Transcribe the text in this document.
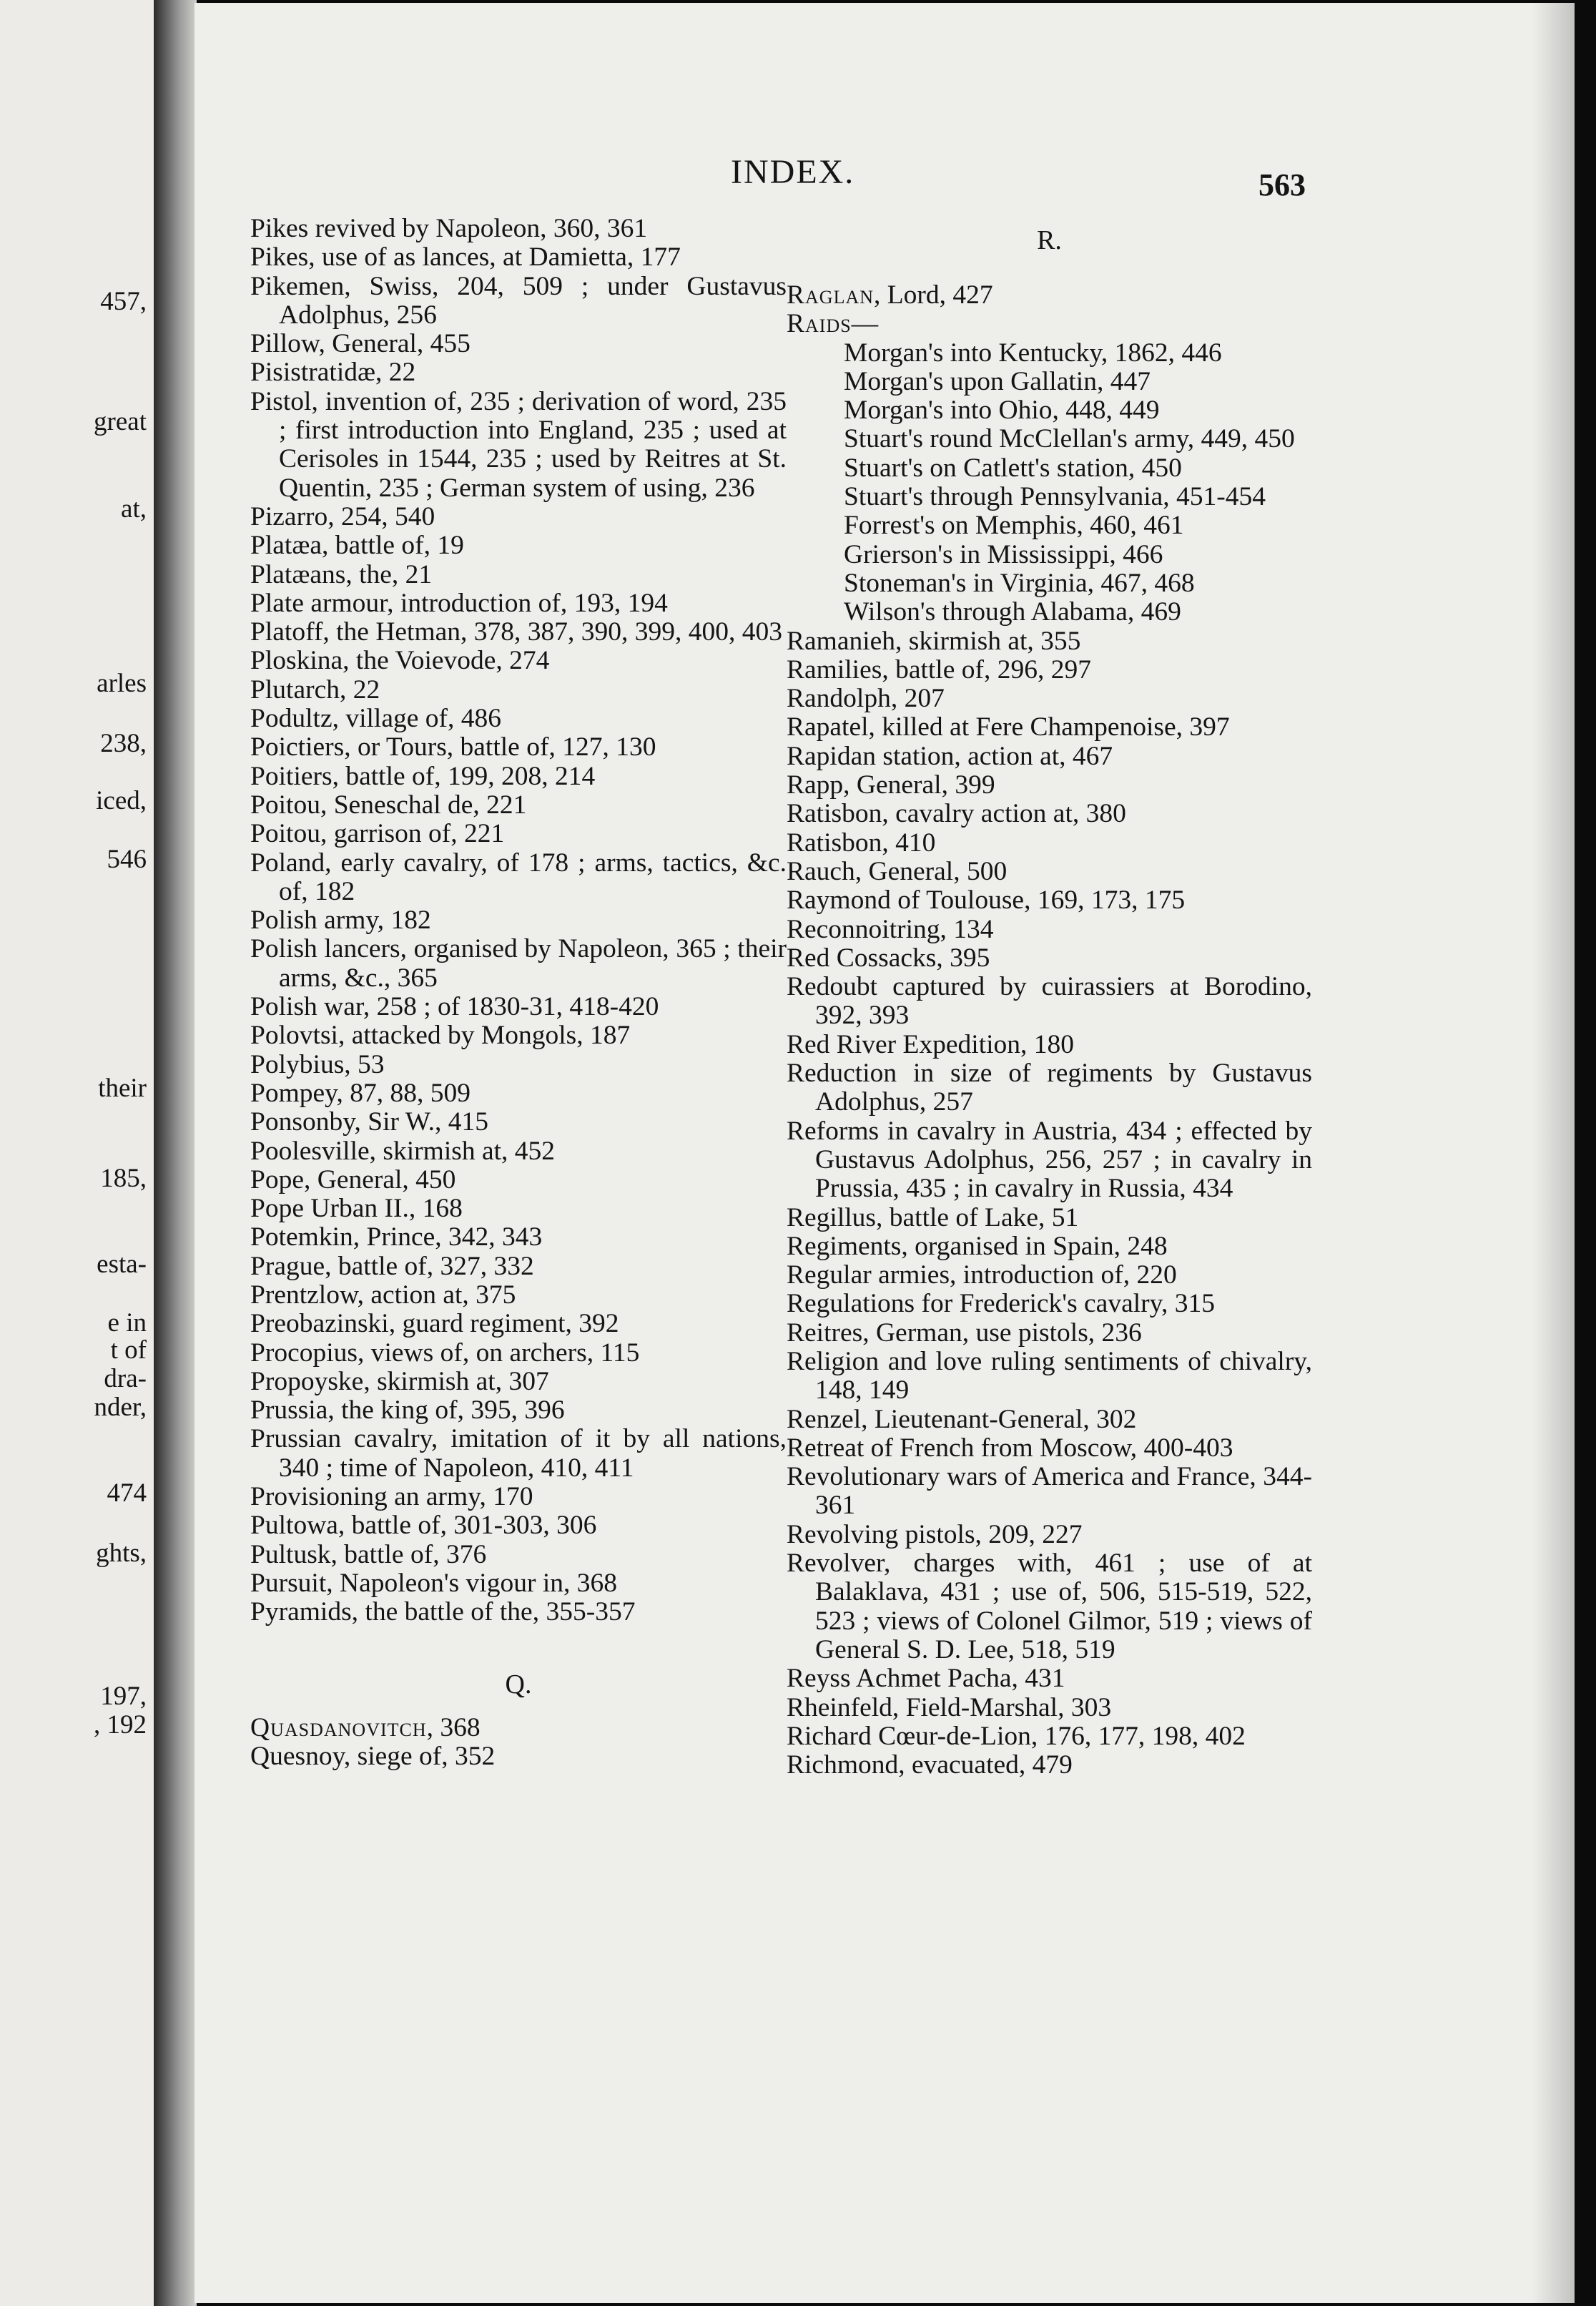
457,
great
at,
arles
238,
iced,
546
their
185,
esta-
e in
t of
dra-
nder,
474
ghts,
197,
, 192
INDEX.	563
Pikes revived by Napoleon, 360, 361
Pikes, use of as lances, at Damietta, 177
Pikemen, Swiss, 204, 509 ; under Gustavus Adolphus, 256
Pillow, General, 455
Pisistratidæ, 22
Pistol, invention of, 235 ; derivation of word, 235 ; first introduction into England, 235 ; used at Cerisoles in 1544, 235 ; used by Reitres at St. Quentin, 235 ; German system of using, 236
Pizarro, 254, 540
Platæa, battle of, 19
Platæans, the, 21
Plate armour, introduction of, 193, 194
Platoff, the Hetman, 378, 387, 390, 399, 400, 403
Ploskina, the Voievode, 274
Plutarch, 22
Podultz, village of, 486
Poictiers, or Tours, battle of, 127, 130
Poitiers, battle of, 199, 208, 214
Poitou, Seneschal de, 221
Poitou, garrison of, 221
Poland, early cavalry, of 178 ; arms, tactics, &c. of, 182
Polish army, 182
Polish lancers, organised by Napoleon, 365 ; their arms, &c., 365
Polish war, 258 ; of 1830-31, 418-420
Polovtsi, attacked by Mongols, 187
Polybius, 53
Pompey, 87, 88, 509
Ponsonby, Sir W., 415
Poolesville, skirmish at, 452
Pope, General, 450
Pope Urban II., 168
Potemkin, Prince, 342, 343
Prague, battle of, 327, 332
Prentzlow, action at, 375
Preobazinski, guard regiment, 392
Procopius, views of, on archers, 115
Propoyske, skirmish at, 307
Prussia, the king of, 395, 396
Prussian cavalry, imitation of it by all nations, 340 ; time of Napoleon, 410, 411
Provisioning an army, 170
Pultowa, battle of, 301-303, 306
Pultusk, battle of, 376
Pursuit, Napoleon's vigour in, 368
Pyramids, the battle of the, 355-357
Q.
Quasdanovitch, 368
Quesnoy, siege of, 352
R.
Raglan, Lord, 427
Raids—
Morgan's into Kentucky, 1862, 446
Morgan's upon Gallatin, 447
Morgan's into Ohio, 448, 449
Stuart's round McClellan's army, 449, 450
Stuart's on Catlett's station, 450
Stuart's through Pennsylvania, 451-454
Forrest's on Memphis, 460, 461
Grierson's in Mississippi, 466
Stoneman's in Virginia, 467, 468
Wilson's through Alabama, 469
Ramanieh, skirmish at, 355
Ramilies, battle of, 296, 297
Randolph, 207
Rapatel, killed at Fere Champenoise, 397
Rapidan station, action at, 467
Rapp, General, 399
Ratisbon, cavalry action at, 380
Ratisbon, 410
Rauch, General, 500
Raymond of Toulouse, 169, 173, 175
Reconnoitring, 134
Red Cossacks, 395
Redoubt captured by cuirassiers at Borodino, 392, 393
Red River Expedition, 180
Reduction in size of regiments by Gustavus Adolphus, 257
Reforms in cavalry in Austria, 434 ; effected by Gustavus Adolphus, 256, 257 ; in cavalry in Prussia, 435 ; in cavalry in Russia, 434
Regillus, battle of Lake, 51
Regiments, organised in Spain, 248
Regular armies, introduction of, 220
Regulations for Frederick's cavalry, 315
Reitres, German, use pistols, 236
Religion and love ruling sentiments of chivalry, 148, 149
Renzel, Lieutenant-General, 302
Retreat of French from Moscow, 400-403
Revolutionary wars of America and France, 344-361
Revolving pistols, 209, 227
Revolver, charges with, 461 ; use of at Balaklava, 431 ; use of, 506, 515-519, 522, 523 ; views of Colonel Gilmor, 519 ; views of General S. D. Lee, 518, 519
Reyss Achmet Pacha, 431
Rheinfeld, Field-Marshal, 303
Richard Cœur-de-Lion, 176, 177, 198, 402
Richmond, evacuated, 479
